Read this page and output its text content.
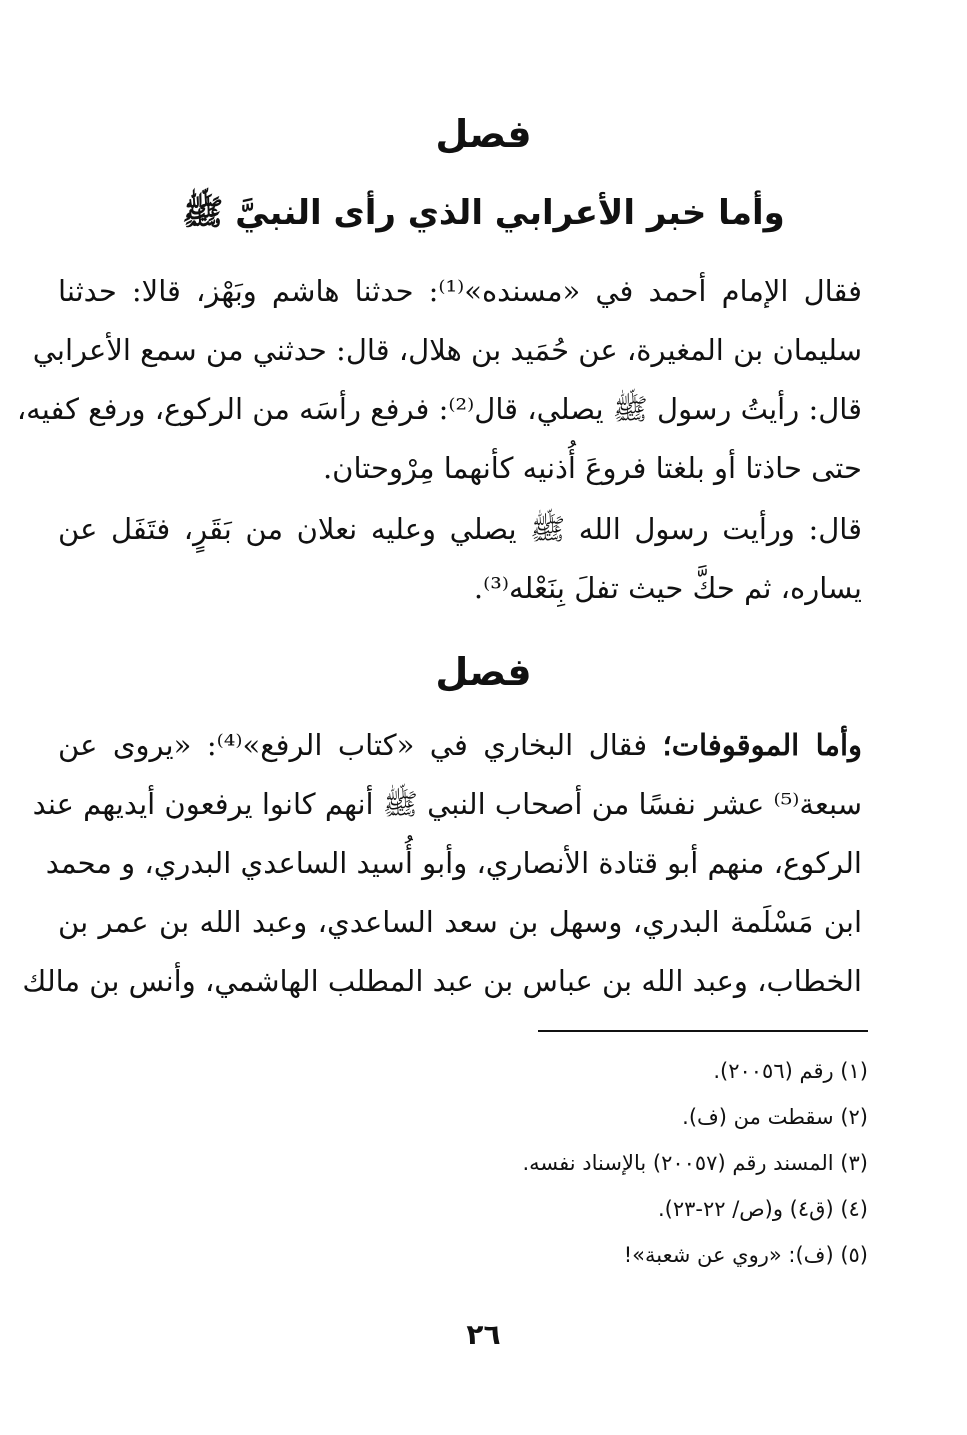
فصل
وأما خبر الأعرابي الذي رأى النبيَّ ﷺ
فقال الإمام أحمد في «مسنده»⁽¹⁾: حدثنا هاشم وبَهْز، قالا: حدثنا
سليمان بن المغيرة، عن حُمَيد بن هلال، قال: حدثني من سمع الأعرابي
قال: رأيتُ رسول ﷺ يصلي، قال⁽²⁾: فرفع رأسَه من الركوع، ورفع كفيه،
حتى حاذتا أو بلغتا فروعَ أُذنيه كأنهما مِرْوحتان.
قال: ورأيت رسول الله ﷺ يصلي وعليه نعلان من بَقَرٍ، فتَفَل عن
يساره، ثم حكَّ حيث تفلَ بِنَعْله⁽³⁾.
فصل
وأما الموقوفات؛ فقال البخاري في «كتاب الرفع»⁽⁴⁾: «يروى عن
سبعة⁽⁵⁾ عشر نفسًا من أصحاب النبي ﷺ أنهم كانوا يرفعون أيديهم عند
الركوع، منهم أبو قتادة الأنصاري، وأبو أُسيد الساعدي البدري، و محمد
ابن مَسْلَمة البدري، وسهل بن سعد الساعدي، وعبد الله بن عمر بن
الخطاب، وعبد الله بن عباس بن عبد المطلب الهاشمي، وأنس بن مالك
(١) رقم (٢٠٠٥٦).
(٢) سقطت من (ف).
(٣) المسند رقم (٢٠٠٥٧) بالإسناد نفسه.
(٤) (ق٤) و(ص/ ٢٢-٢٣).
(٥) (ف): «روي عن شعبة»!
٢٦
